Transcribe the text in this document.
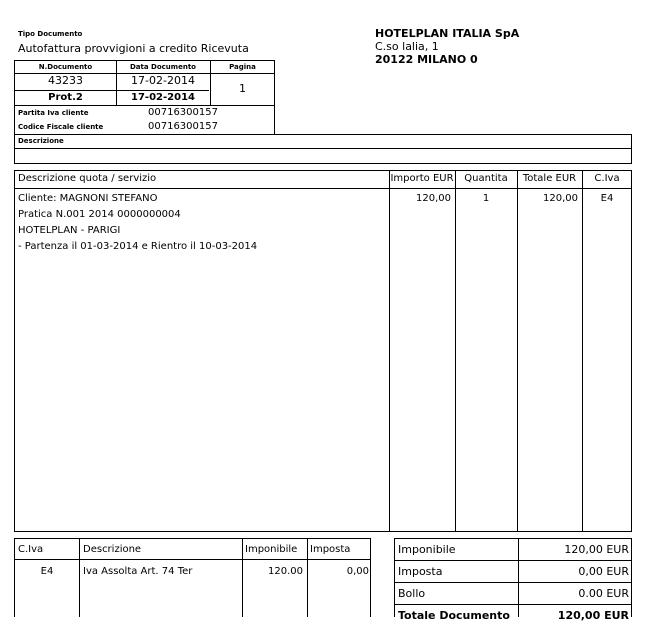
Tipo Documento
Autofattura provvigioni a credito Ricevuta
HOTELPLAN ITALIA SpA
C.so lalia, 1
20122 MILANO 0
N.Documento	Data Documento	Pagina
43233	17-02-2014
1
Prot.2	17-02-2014
Partita Iva cliente	00716300157
Codice Fiscale cliente	00716300157
Descrizione
Descrizione quota / servizio	Importo EUR	Quantita	Totale EUR	C.Iva
Cliente: MAGNONI STEFANO
Pratica N.001 2014 0000000004
HOTELPLAN - PARIGI
- Partenza il 01-03-2014 e Rientro il 10-03-2014
120,00	1	120,00	E4
C.Iva	Descrizione	Imponibile Imposta
E4	Iva Assolta Art. 74 Ter	120.00	0,00
Imponibile	120,00 EUR
Imposta	0,00 EUR
Bollo	0.00 EUR
Totale Documento	120,00 EUR
